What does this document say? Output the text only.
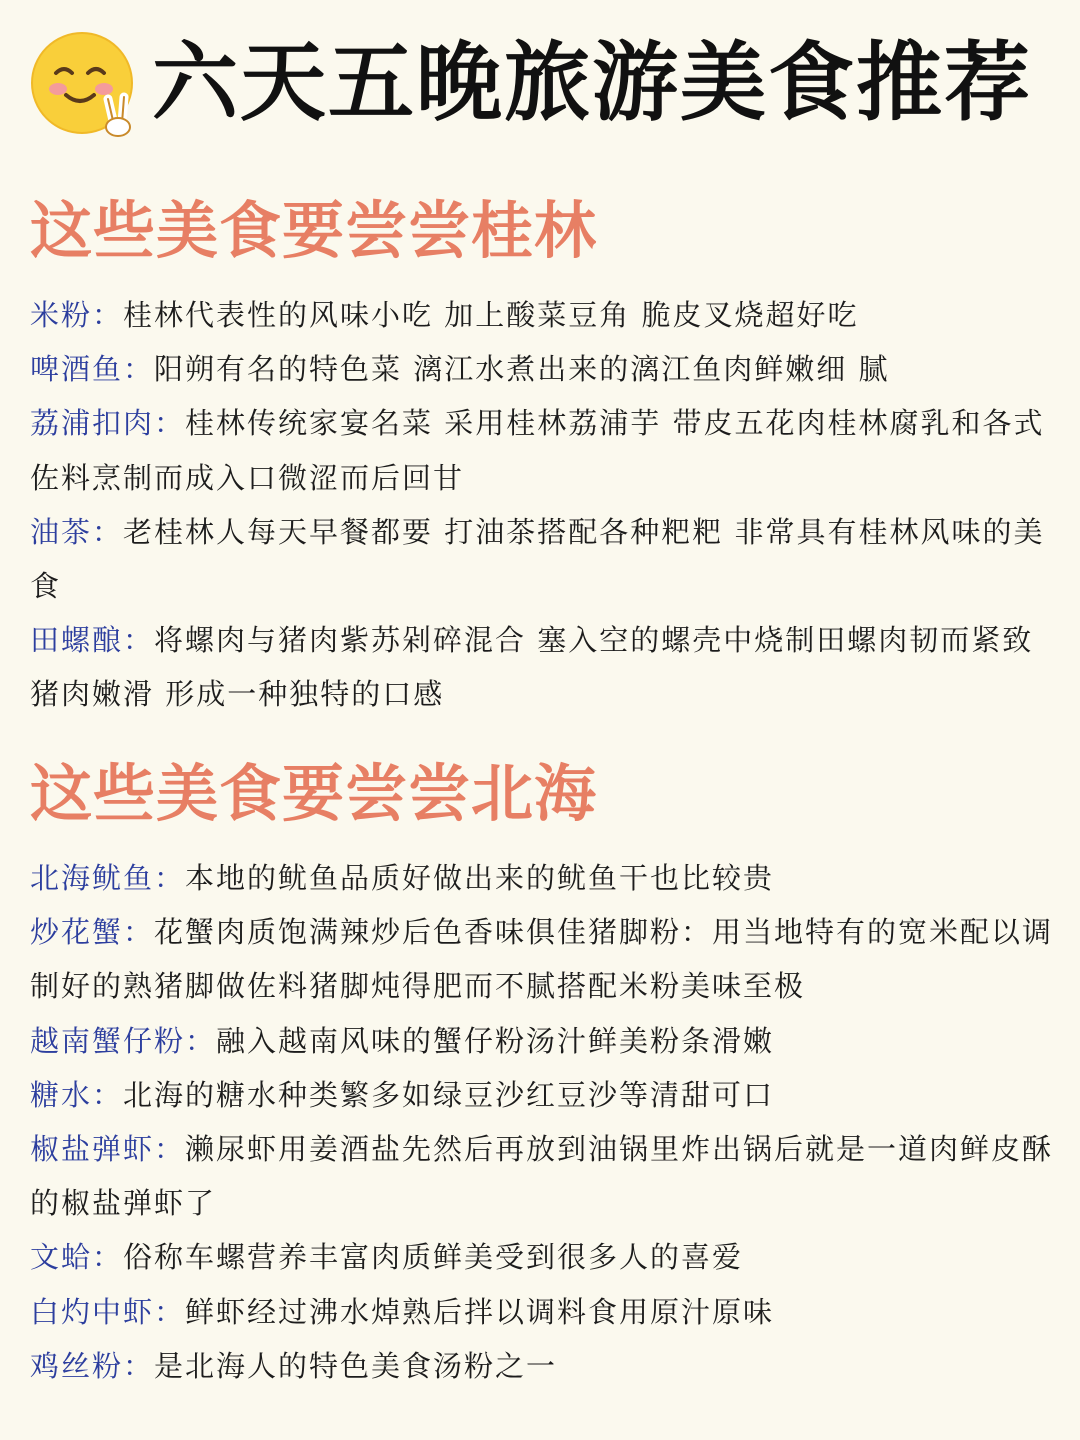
六天五晚旅游美食推荐
这些美食要尝尝桂林

米粉：桂林代表性的风味小吃 加上酸菜豆角 脆皮叉烧超好吃

啤酒鱼：阳朔有名的特色菜 漓江水煮出来的漓江鱼肉鲜嫩细 腻

荔浦扣肉：桂林传统家宴名菜 采用桂林荔浦芋 带皮五花肉桂林腐乳和各式佐料烹制而成入口微涩而后回甘

油茶：老桂林人每天早餐都要 打油茶搭配各种粑粑 非常具有桂林风味的美食

田螺酿：将螺肉与猪肉紫苏剁碎混合 塞入空的螺壳中烧制田螺肉韧而紧致 猪肉嫩滑 形成一种独特的口感

这些美食要尝尝北海

北海鱿鱼：本地的鱿鱼品质好做出来的鱿鱼干也比较贵

炒花蟹：花蟹肉质饱满辣炒后色香味俱佳猪脚粉：用当地特有的宽米配以调制好的熟猪脚做佐料猪脚炖得肥而不腻搭配米粉美味至极

越南蟹仔粉：融入越南风味的蟹仔粉汤汁鲜美粉条滑嫩

糖水：北海的糖水种类繁多如绿豆沙红豆沙等清甜可口

椒盐弹虾：濑尿虾用姜酒盐先然后再放到油锅里炸出锅后就是一道肉鲜皮酥的椒盐弹虾了

文蛤：俗称车螺营养丰富肉质鲜美受到很多人的喜爱

白灼中虾：鲜虾经过沸水焯熟后拌以调料食用原汁原味

鸡丝粉：是北海人的特色美食汤粉之一
